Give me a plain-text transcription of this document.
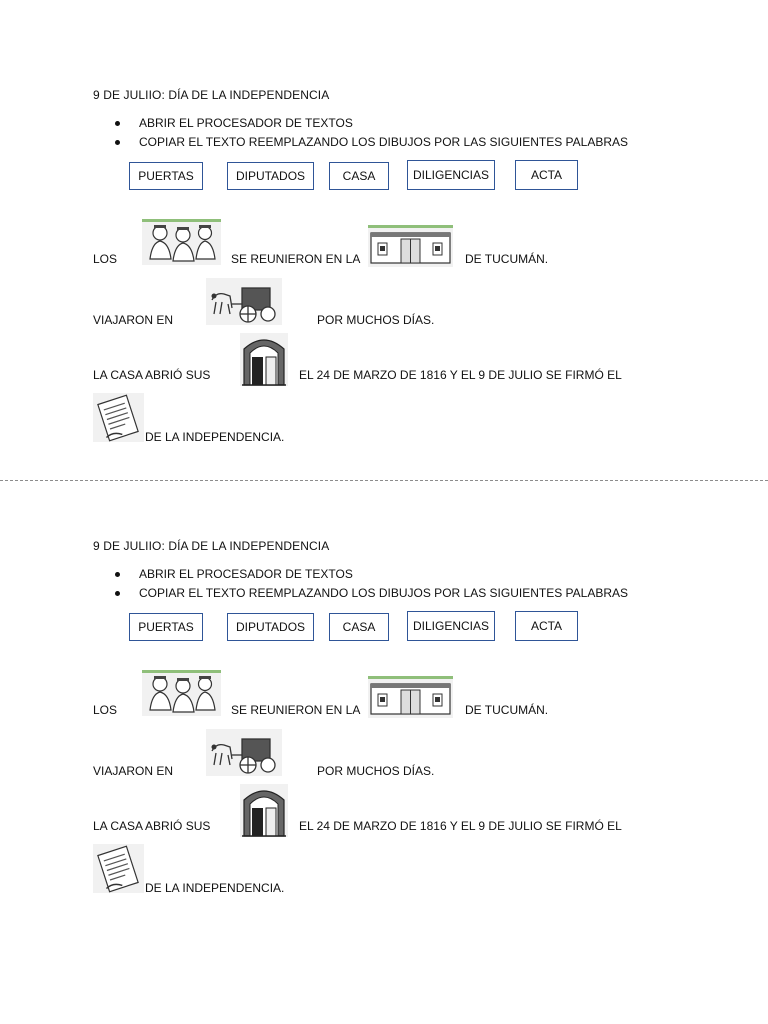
9 DE JULIIO: DÍA DE LA INDEPENDENCIA
ABRIR EL PROCESADOR DE TEXTOS
COPIAR EL TEXTO REEMPLAZANDO LOS DIBUJOS POR LAS SIGUIENTES PALABRAS
PUERTAS	DIPUTADOS	CASA	DILIGENCIAS	ACTA
LOS	SE REUNIERON EN LA	DE TUCUMÁN.
VIAJARON EN	POR MUCHOS DÍAS.
LA CASA ABRIÓ SUS	EL 24 DE MARZO DE 1816 Y EL 9 DE JULIO SE FIRMÓ EL
DE LA INDEPENDENCIA.
9 DE JULIIO: DÍA DE LA INDEPENDENCIA
ABRIR EL PROCESADOR DE TEXTOS
COPIAR EL TEXTO REEMPLAZANDO LOS DIBUJOS POR LAS SIGUIENTES PALABRAS
PUERTAS	DIPUTADOS	CASA	DILIGENCIAS	ACTA
LOS	SE REUNIERON EN LA	DE TUCUMÁN.
VIAJARON EN	POR MUCHOS DÍAS.
LA CASA ABRIÓ SUS	EL 24 DE MARZO DE 1816 Y EL 9 DE JULIO SE FIRMÓ EL
DE LA INDEPENDENCIA.
